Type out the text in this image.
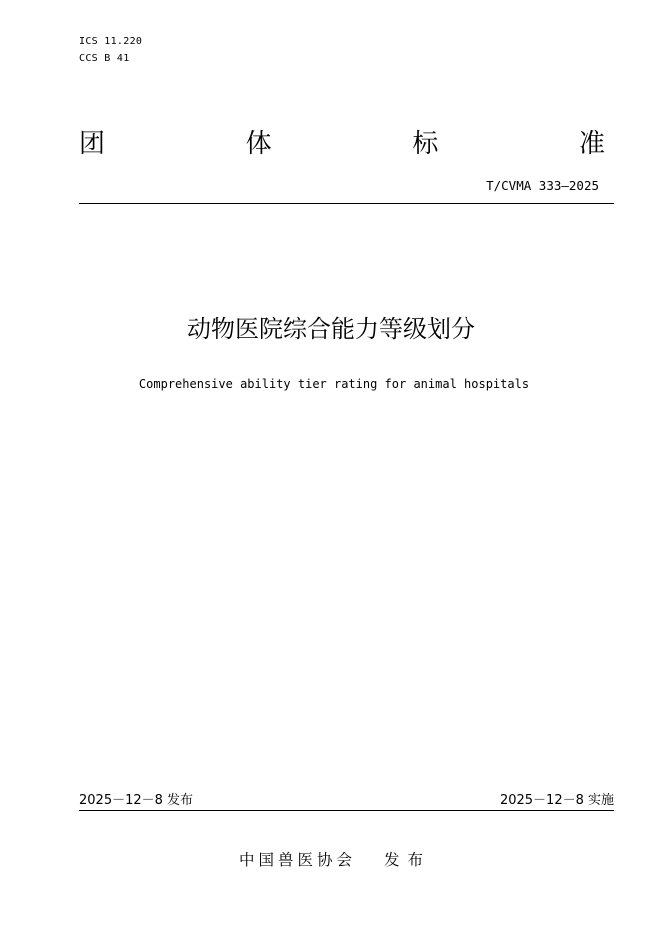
ICS 11.220
CCS B 41
团	体	标	准
T/CVMA 333—2025
动物医院综合能力等级划分
Comprehensive ability tier rating for animal hospitals
2025－12－8 发布	2025－12－8 实施
中国兽医协会 发布
